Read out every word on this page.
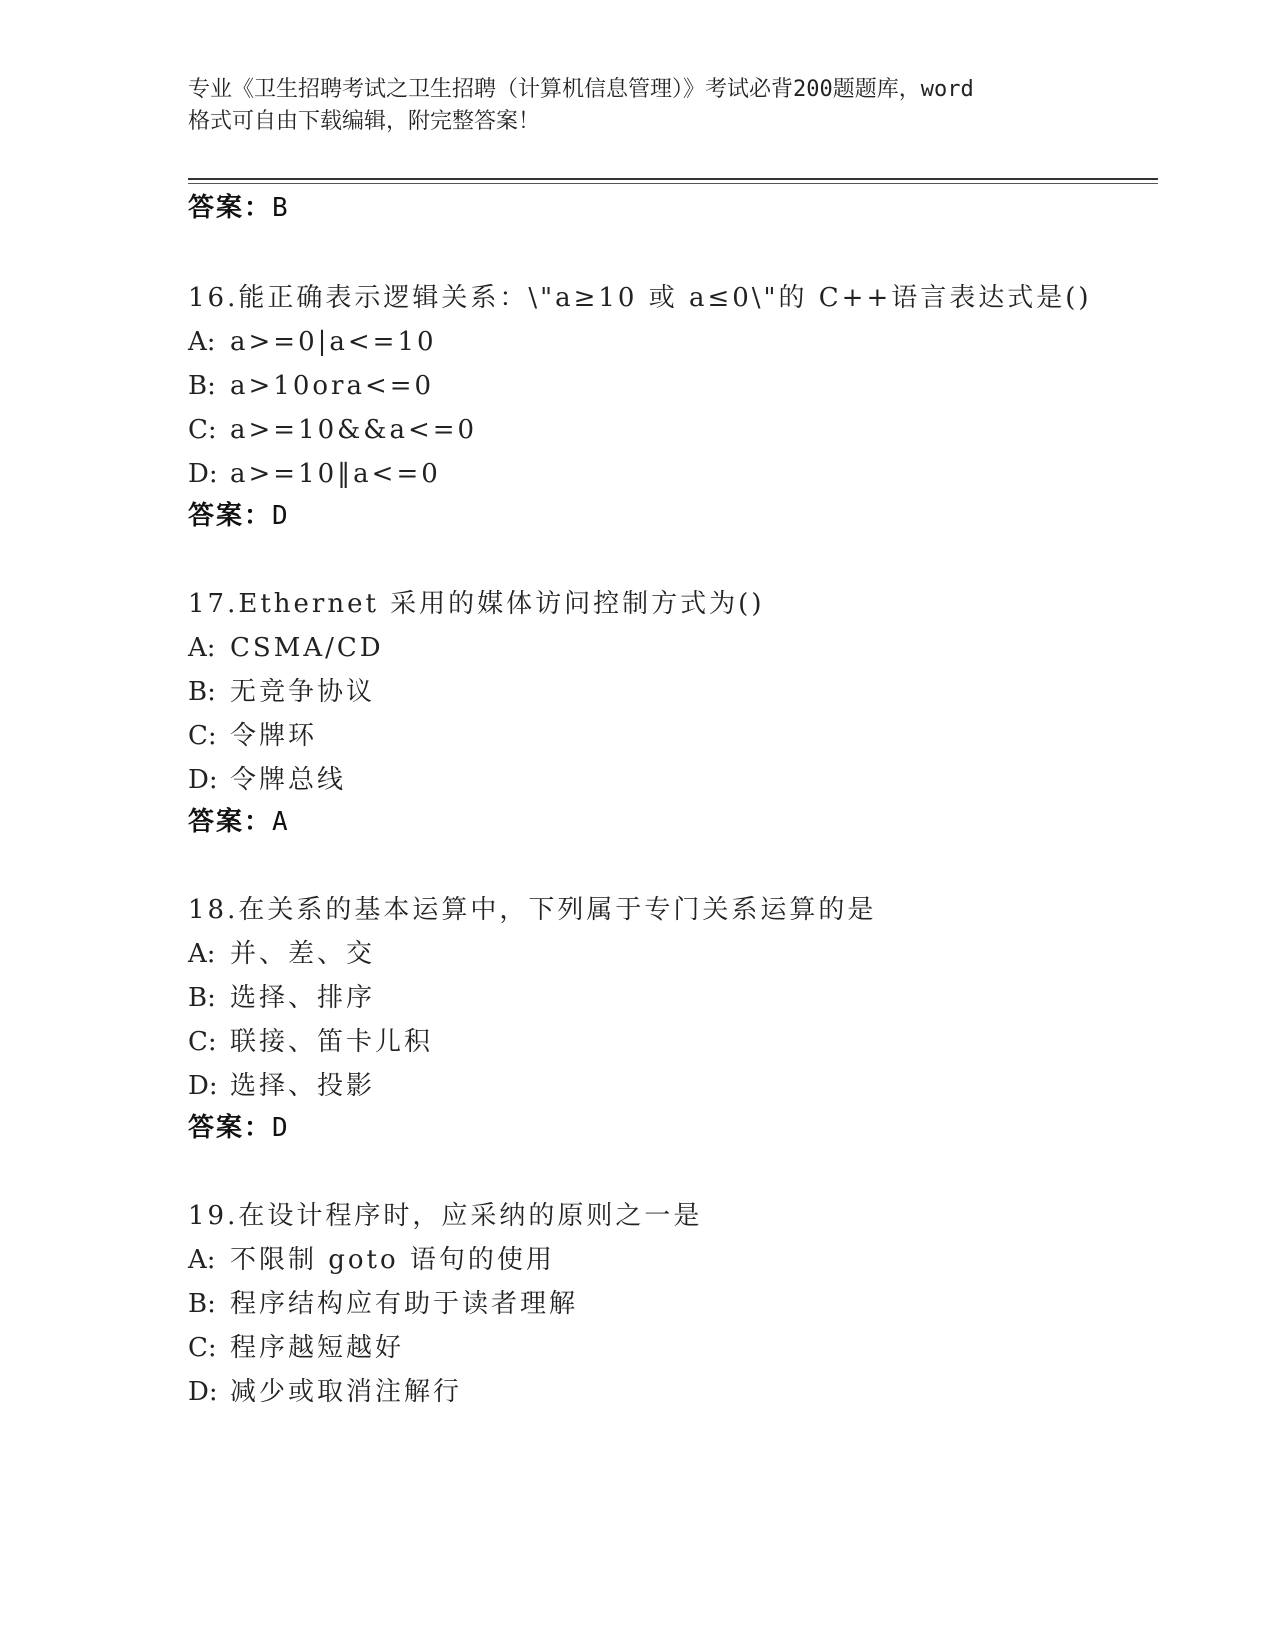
专业《卫生招聘考试之卫生招聘（计算机信息管理）》考试必背200题题库，word
格式可自由下载编辑，附完整答案！
答案：B
16.能正确表示逻辑关系：\"a≥10 或 a≤0\"的 C++语言表达式是()
A: a>=0|a<=10
B: a>10ora<=0
C: a>=10&&a<=0
D: a>=10‖a<=0
答案：D
17.Ethernet 采用的媒体访问控制方式为()
A: CSMA/CD
B: 无竞争协议
C: 令牌环
D: 令牌总线
答案：A
18.在关系的基本运算中，下列属于专门关系运算的是
A: 并、差、交
B: 选择、排序
C: 联接、笛卡儿积
D: 选择、投影
答案：D
19.在设计程序时，应采纳的原则之一是
A: 不限制 goto 语句的使用
B: 程序结构应有助于读者理解
C: 程序越短越好
D: 减少或取消注解行
